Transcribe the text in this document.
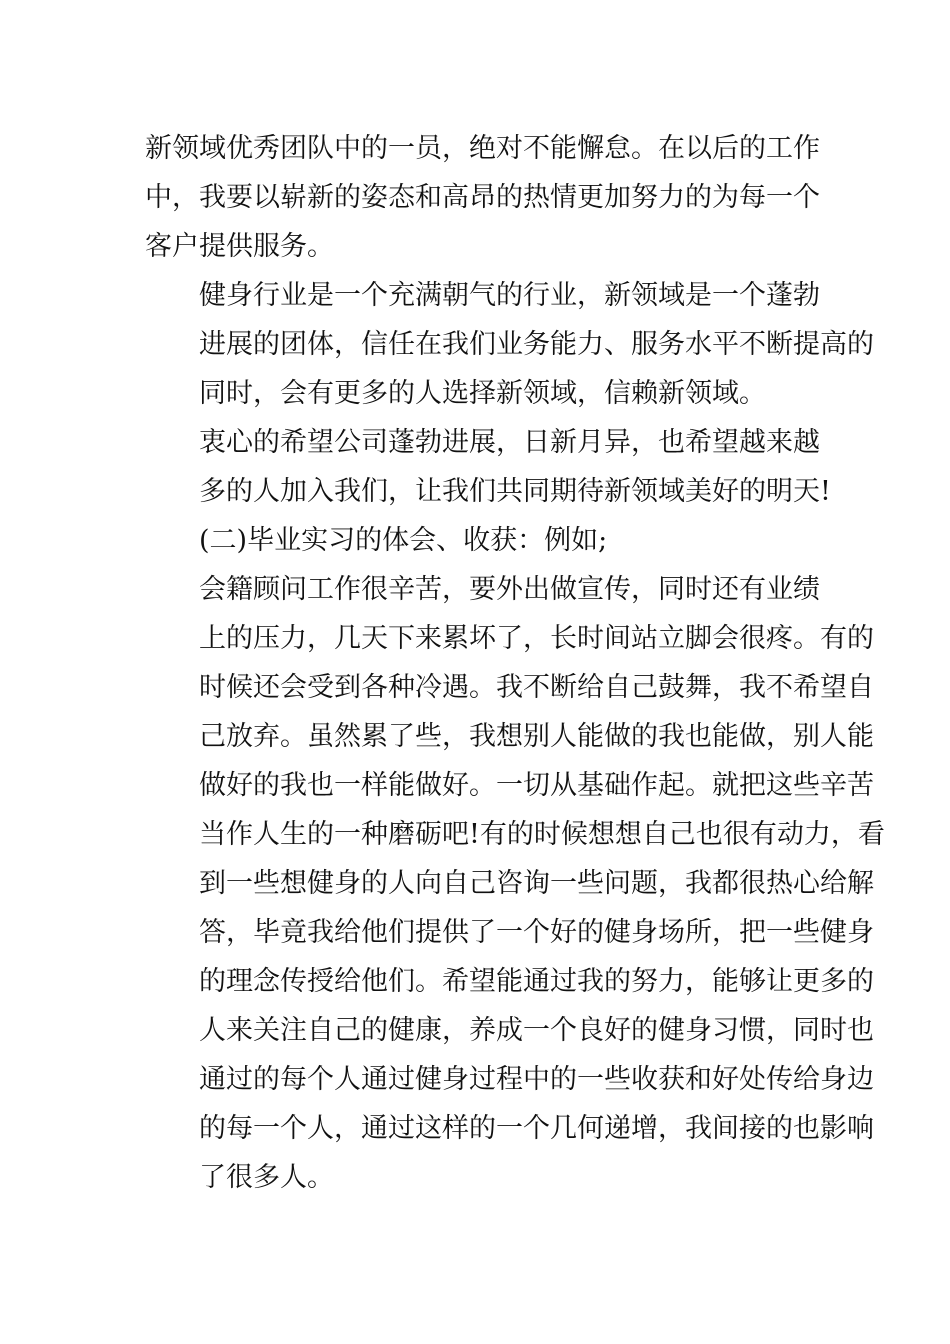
新领域优秀团队中的一员，绝对不能懈怠。在以后的工作
中，我要以崭新的姿态和高昂的热情更加努力的为每一个
客户提供服务。

健身行业是一个充满朝气的行业，新领域是一个蓬勃
进展的团体，信任在我们业务能力、服务水平不断提高的
同时，会有更多的人选择新领域，信赖新领域。

衷心的希望公司蓬勃进展，日新月异，也希望越来越
多的人加入我们，让我们共同期待新领域美好的明天!

(二)毕业实习的体会、收获：例如;

会籍顾问工作很辛苦，要外出做宣传，同时还有业绩
上的压力，几天下来累坏了，长时间站立脚会很疼。有的
时候还会受到各种冷遇。我不断给自己鼓舞，我不希望自
己放弃。虽然累了些，我想别人能做的我也能做，别人能
做好的我也一样能做好。一切从基础作起。就把这些辛苦
当作人生的一种磨砺吧!有的时候想想自己也很有动力，看
到一些想健身的人向自己咨询一些问题，我都很热心给解
答，毕竟我给他们提供了一个好的健身场所，把一些健身
的理念传授给他们。希望能通过我的努力，能够让更多的
人来关注自己的健康，养成一个良好的健身习惯，同时也
通过的每个人通过健身过程中的一些收获和好处传给身边
的每一个人，通过这样的一个几何递增，我间接的也影响
了很多人。
